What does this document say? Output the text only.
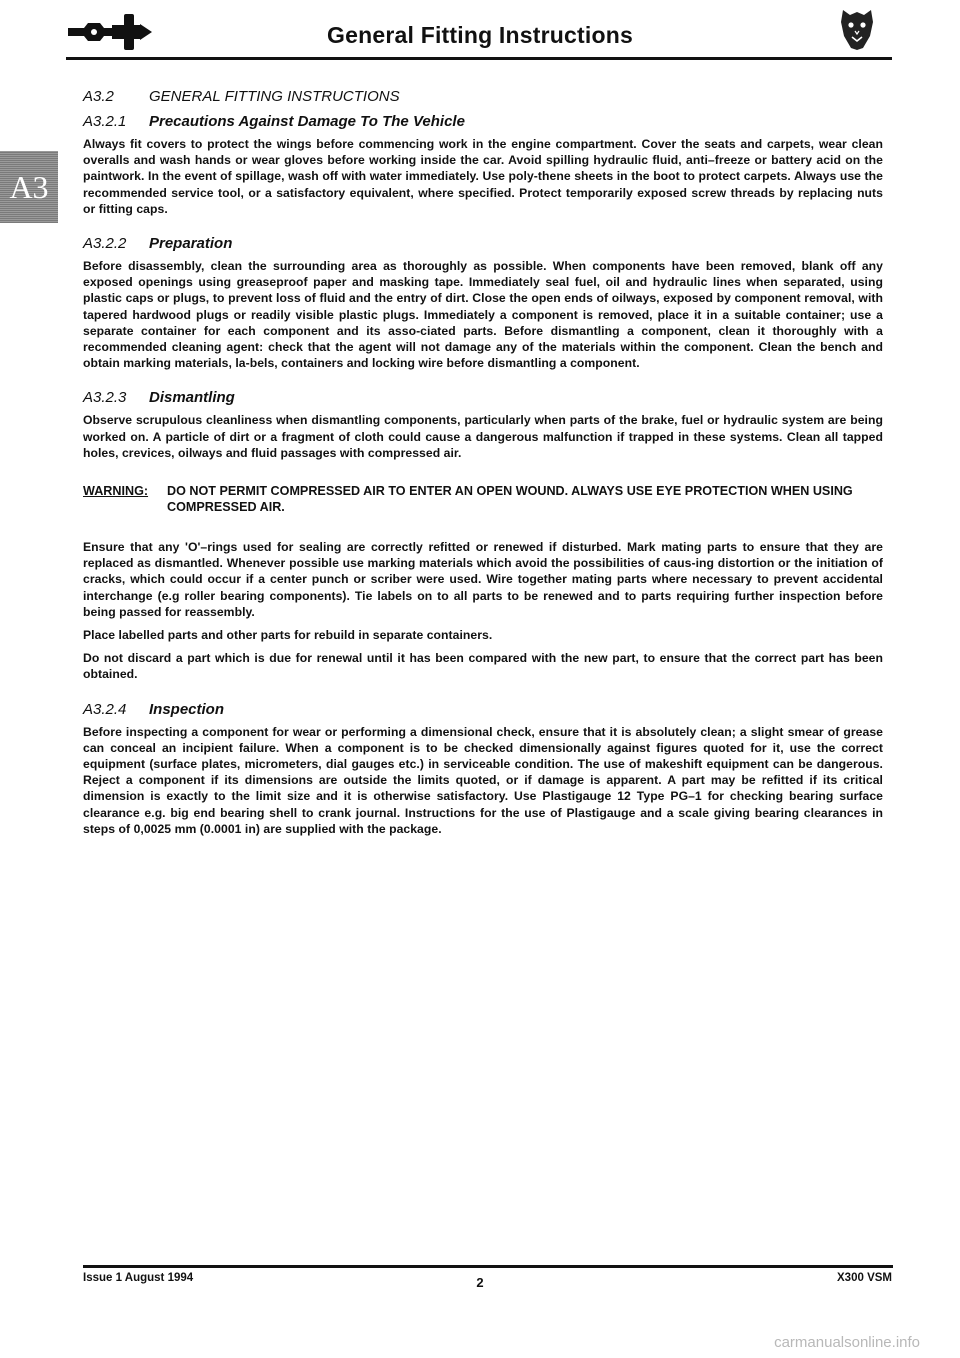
General Fitting Instructions
A3
A3.2	GENERAL FITTING INSTRUCTIONS
A3.2.1	Precautions Against Damage To The Vehicle

Always fit covers to protect the wings before commencing work in the engine compartment. Cover the seats and carpets, wear clean overalls and wash hands or wear gloves before working inside the car. Avoid spilling hydraulic fluid, anti–freeze or battery acid on the paintwork. In the event of spillage, wash off with water immediately. Use poly-thene sheets in the boot to protect carpets. Always use the recommended service tool, or a satisfactory equivalent, where specified. Protect temporarily exposed screw threads by replacing nuts or fitting caps.

A3.2.2	Preparation

Before disassembly, clean the surrounding area as thoroughly as possible. When components have been removed, blank off any exposed openings using greaseproof paper and masking tape. Immediately seal fuel, oil and hydraulic lines when separated, using plastic caps or plugs, to prevent loss of fluid and the entry of dirt. Close the open ends of oilways, exposed by component removal, with tapered hardwood plugs or readily visible plastic plugs. Immediately a component is removed, place it in a suitable container; use a separate container for each component and its asso-ciated parts. Before dismantling a component, clean it thoroughly with a recommended cleaning agent: check that the agent will not damage any of the materials within the component. Clean the bench and obtain marking materials, la-bels, containers and locking wire before dismantling a component.

A3.2.3	Dismantling

Observe scrupulous cleanliness when dismantling components, particularly when parts of the brake, fuel or hydraulic system are being worked on. A particle of dirt or a fragment of cloth could cause a dangerous malfunction if trapped in these systems. Clean all tapped holes, crevices, oilways and fluid passages with compressed air.

WARNING:	DO NOT PERMIT COMPRESSED AIR TO ENTER AN OPEN WOUND. ALWAYS USE EYE PROTECTION WHEN USING COMPRESSED AIR.

Ensure that any 'O'–rings used for sealing are correctly refitted or renewed if disturbed. Mark mating parts to ensure that they are replaced as dismantled. Whenever possible use marking materials which avoid the possibilities of caus-ing distortion or the initiation of cracks, which could occur if a center punch or scriber were used. Wire together mating parts where necessary to prevent accidental interchange (e.g roller bearing components). Tie labels on to all parts to be renewed and to parts requiring further inspection before being passed for reassembly.

Place labelled parts and other parts for rebuild in separate containers.

Do not discard a part which is due for renewal until it has been compared with the new part, to ensure that the correct part has been obtained.

A3.2.4	Inspection

Before inspecting a component for wear or performing a dimensional check, ensure that it is absolutely clean; a slight smear of grease can conceal an incipient failure. When a component is to be checked dimensionally against figures quoted for it, use the correct equipment (surface plates, micrometers, dial gauges etc.) in serviceable condition. The use of makeshift equipment can be dangerous. Reject a component if its dimensions are outside the limits quoted, or if damage is apparent. A part may be refitted if its critical dimension is exactly to the limit size and it is otherwise satisfactory. Use Plastigauge 12 Type PG–1 for checking bearing surface clearance e.g. big end bearing shell to crank journal. Instructions for the use of Plastigauge and a scale giving bearing clearances in steps of 0,0025 mm (0.0001 in) are supplied with the package.

Issue 1 August 1994	2	X300 VSM
carmanualsonline.info
